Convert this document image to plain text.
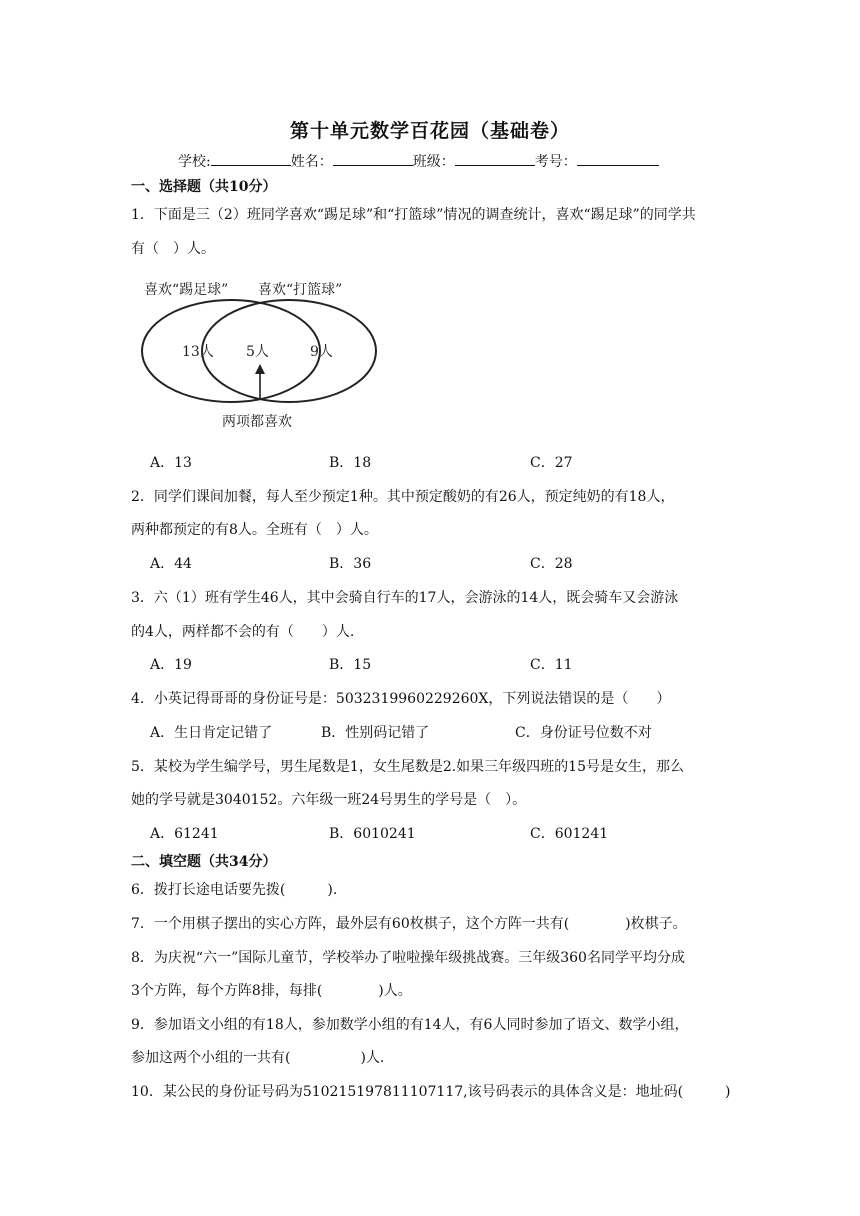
第十单元数学百花园（基础卷）
学校:	姓名：	班级：	考号：
一、选择题（共10分）
1．下面是三（2）班同学喜欢“踢足球”和“打篮球”情况的调查统计，喜欢“踢足球”的同学共
有（　）人。
喜欢“踢足球” 喜欢“打篮球”
13人 5人	9人
两项都喜欢
A．13	B．18	C．27
2．同学们课间加餐，每人至少预定1种。其中预定酸奶的有26人，预定纯奶的有18人，
两种都预定的有8人。全班有（　）人。
A．44	B．36	C．28
3．六（1）班有学生46人，其中会骑自行车的17人，会游泳的14人，既会骑车又会游泳
的4人，两样都不会的有（　　）人.
A．19	B．15	C．11
4．小英记得哥哥的身份证号是：5032319960229260X，下列说法错误的是（　　）
A．生日肯定记错了	B．性别码记错了	C．身份证号位数不对
5．某校为学生编学号，男生尾数是1，女生尾数是2.如果三年级四班的15号是女生，那么
她的学号就是3040152。六年级一班24号男生的学号是（　）。
A．61241	B．6010241	C．601241
二、填空题（共34分）
6．拨打长途电话要先拨(　　　).
7．一个用棋子摆出的实心方阵，最外层有60枚棋子，这个方阵一共有(　　　　)枚棋子。
8．为庆祝“六一”国际儿童节，学校举办了啦啦操年级挑战赛。三年级360名同学平均分成
3个方阵，每个方阵8排，每排(　　　　)人。
9．参加语文小组的有18人，参加数学小组的有14人，有6人同时参加了语文、数学小组，
参加这两个小组的一共有(　　　　　)人.
10．某公民的身份证号码为510215197811107117,该号码表示的具体含义是：地址码(　　　)
